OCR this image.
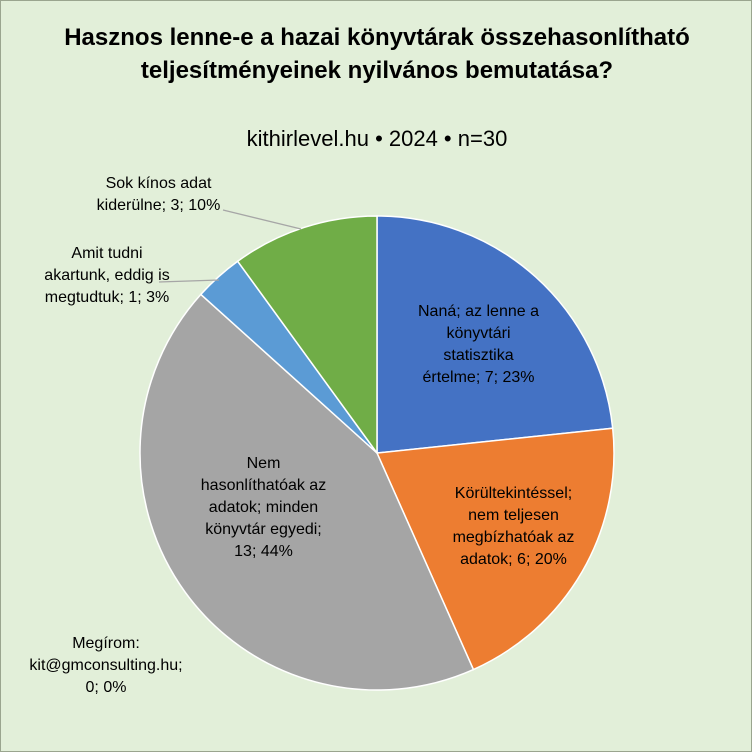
Hasznos lenne-e a hazai könyvtárak összehasonlítható teljesítményeinek nyilvános bemutatása?
kithirlevel.hu • 2024 • n=30
Naná; az lenne a
könyvtári
statisztika
értelme; 7; 23%
Körültekintéssel;
nem teljesen
megbízhatóak az
adatok; 6; 20%
Megírom:
kit@gmconsulting.hu;
0; 0%
Nem
hasonlíthatóak az
adatok; minden
könyvtár egyedi;
13; 44%
Amit tudni
akartunk, eddig is
megtudtuk; 1; 3%
Sok kínos adat
kiderülne; 3; 10%
